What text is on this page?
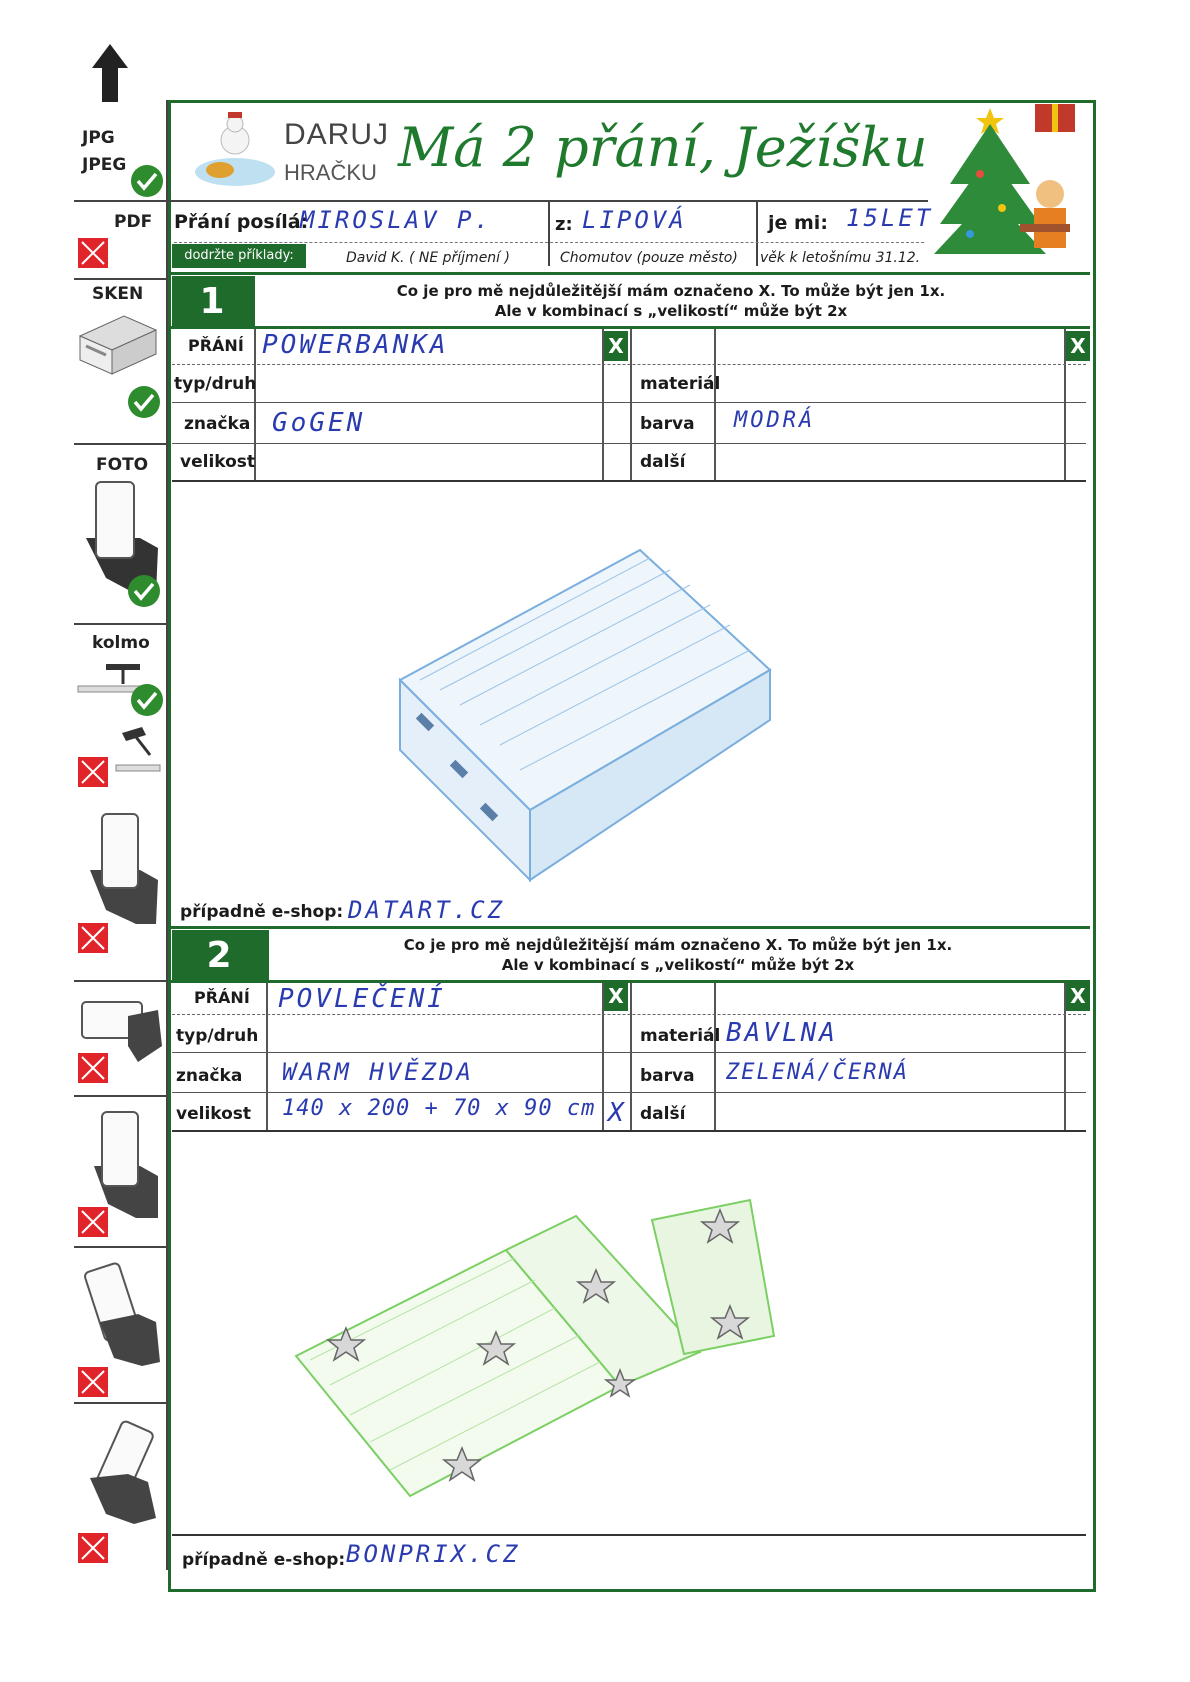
JPG
JPEG
PDF
SKEN
FOTO
kolmo
DARUJ
HRAČKU Má 2 přání, Ježíšku
Přání posílá:
MIROSLAV P.	z: LIPOVÁ	je mi: 15LET
dodržte příklady:	David K. ( NE příjmení )	Chomutov (pouze město) věk k letošnímu 31.12.
1	Co je pro mě nejdůležitější mám označeno X. To může být jen 1x.
Ale v kombinací s „velikostí“ může být 2x
PŘÁNÍ POWERBANKA	X	X
typ/druh	materiál
značka GoGEN	barva MODRÁ
velikost	další
případně e-shop: DATART.CZ
2	Co je pro mě nejdůležitější mám označeno X. To může být jen 1x.
Ale v kombinací s „velikostí“ může být 2x
PŘÁNÍ POVLEČENÍ	X	X
typ/druh	materiál BAVLNA
značka WARM HVĚZDA	barva ZELENÁ/ČERNÁ
velikost 140 x 200 + 70 x 90 cm X další
případně e-shop: BONPRIX.CZ
